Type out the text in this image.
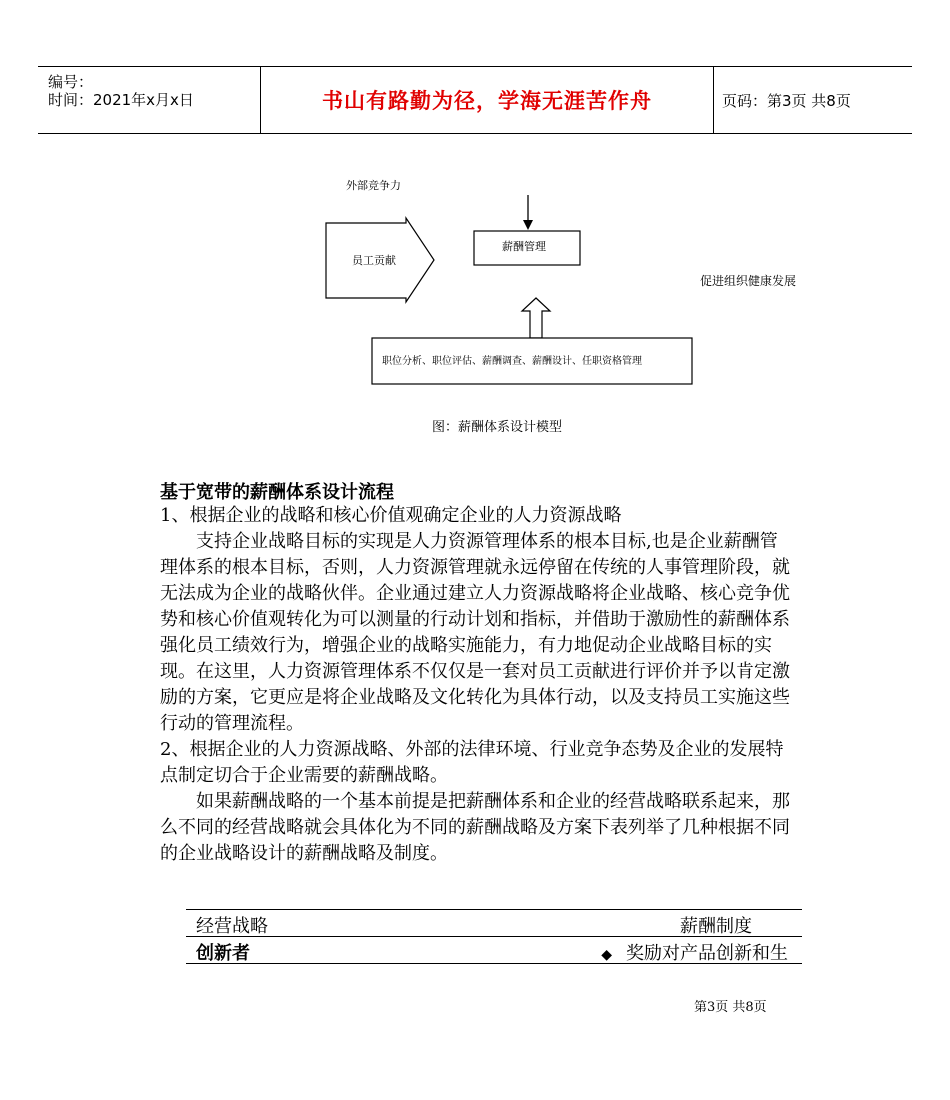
编号：
时间：2021年x月x日	书山有路勤为径，学海无涯苦作舟	页码：第3页 共8页
外部竞争力
员工贡献
薪酬管理
促进组织健康发展
职位分析、职位评估、薪酬调查、薪酬设计、任职资格管理
图：薪酬体系设计模型
基于宽带的薪酬体系设计流程

1、根据企业的战略和核心价值观确定企业的人力资源战略

支持企业战略目标的实现是人力资源管理体系的根本目标,也是企业薪酬管理体系的根本目标，否则，人力资源管理就永远停留在传统的人事管理阶段，就无法成为企业的战略伙伴。企业通过建立人力资源战略将企业战略、核心竞争优势和核心价值观转化为可以测量的行动计划和指标，并借助于激励性的薪酬体系强化员工绩效行为，增强企业的战略实施能力，有力地促动企业战略目标的实现。在这里，人力资源管理体系不仅仅是一套对员工贡献进行评价并予以肯定激励的方案，它更应是将企业战略及文化转化为具体行动，以及支持员工实施这些行动的管理流程。

2、根据企业的人力资源战略、外部的法律环境、行业竞争态势及企业的发展特点制定切合于企业需要的薪酬战略。

如果薪酬战略的一个基本前提是把薪酬体系和企业的经营战略联系起来，那么不同的经营战略就会具体化为不同的薪酬战略及方案下表列举了几种根据不同的企业战略设计的薪酬战略及制度。

经营战略	薪酬制度
创新者	◆ 奖励对产品创新和生
第3页 共8页
